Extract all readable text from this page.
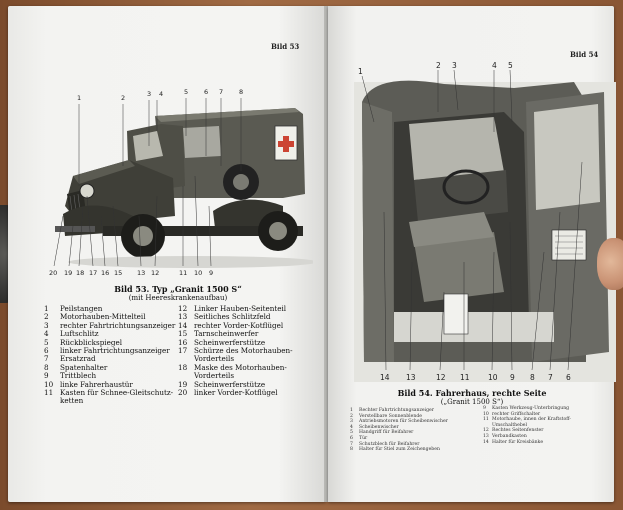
Bild 53
1	2	3 4	5 6 7 8
20 19 18 17 16 15 13 12	11 10 9
Bild 53. Typ „Granit 1500 S“
(mit Heereskrankenaufbau)
1	Peilstangen
2	Motorhauben-Mittelteil
3	rechter Fahrtrichtungsanzeiger
4	Luftschlitz
5	Rückblickspiegel
6	linker Fahrtrichtungsanzeiger
7	Ersatzrad
8	Spatenhalter
9	Trittblech
10 linke Fahrerhaustür
11 Kasten für Schnee-Gleitschutz-
ketten
12 Linker Hauben-Seitenteil
13 Seitliches Schlitzfeld
14 rechter Vorder-Kotflügel
15 Tarnscheinwerfer
16 Scheinwerferstütze
17 Schürze des Motorhauben-
Vorderteils
18 Maske des Motorhauben-
Vorderteils
19 Scheinwerferstütze
20 linker Vorder-Kotflügel
Bild 54
1
2 3	4 5
14 13	12 11 10 9 8 7 6
Bild 54. Fahrerhaus, rechte Seite
(„Granit 1500 S“)
1	Rechter Fahrtrichtungsanzeiger
2	Verstellbare Sonnenblende
3	Antriebsmotoren für Scheibenwischer
4	Scheibenwischer
5	Handgriff für Beifahrer
6	Tür
7	Schutzblech für Beifahrer
8	Halter für Stiel zum Zeichengeben
9	Kasten Werkzeug-Unterbringung
10 rechter Griffschalter
11 Motorhaube, innen der Kraftstoff-
Umschalthebel
12 Rechtes Seitenfenster
13 Verbandkasten
14 Halter für Kreisbänke
